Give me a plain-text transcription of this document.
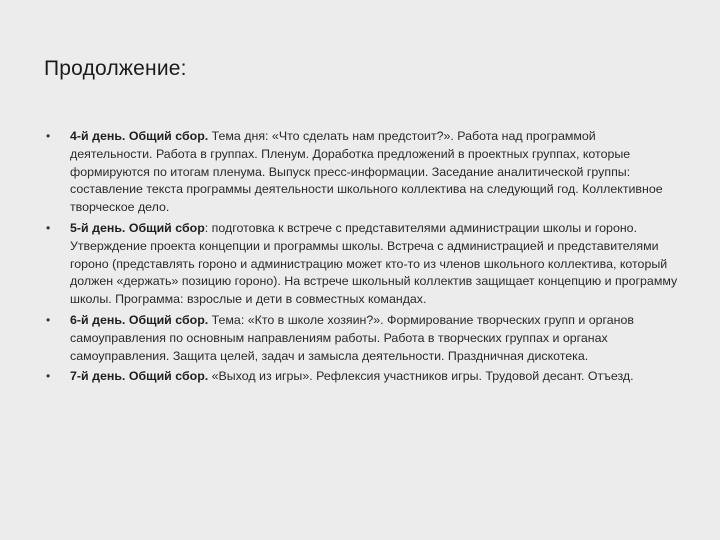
Продолжение:
• 4-й день. Общий сбор. Тема дня: «Что сделать нам предстоит?». Работа над программой деятельности. Работа в группах. Пленум. Доработка предложений в проектных группах, которые формируются по итогам пленума. Выпуск пресс-информации. Заседание аналитической группы: составление текста программы деятельности школьного коллектива на следующий год. Коллективное творческое дело.
• 5-й день. Общий сбор: подготовка к встрече с представителями администрации школы и гороно. Утверждение проекта концепции и программы школы. Встреча с администрацией и представителями гороно (представлять гороно и администрацию может кто-то из членов школьного коллектива, который должен «держать» позицию гороно). На встрече школьный коллектив защищает концепцию и программу школы. Программа: взрослые и дети в совместных командах.
• 6-й день. Общий сбор. Тема: «Кто в школе хозяин?». Формирование творческих групп и органов самоуправления по основным направлениям работы. Работа в творческих группах и органах самоуправления. Защита целей, задач и замысла деятельности. Праздничная дискотека.
• 7-й день. Общий сбор. «Выход из игры». Рефлексия участников игры. Трудовой десант. Отъезд.
